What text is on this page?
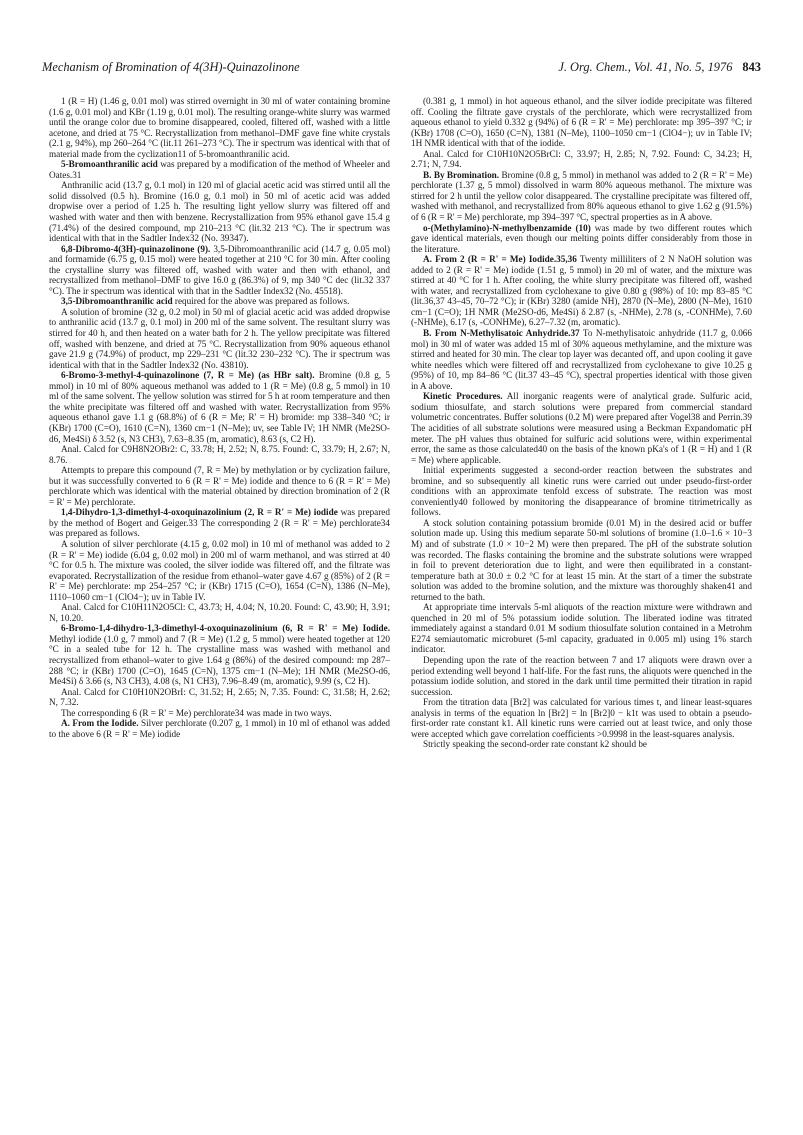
Mechanism of Bromination of 4(3H)-Quinazolinone	J. Org. Chem., Vol. 41, No. 5, 1976 843

1 (R = H) (1.46 g, 0.01 mol) was stirred overnight in 30 ml of water containing bromine (1.6 g, 0.01 mol) and KBr (1.19 g, 0.01 mol). The resulting orange-white slurry was warmed until the orange color due to bromine disappeared, cooled, filtered off, washed with a little acetone, and dried at 75 °C. Recrystallization from methanol–DMF gave fine white crystals (2.1 g, 94%), mp 260–264 °C (lit.11 261–273 °C). The ir spectrum was identical with that of material made from the cyclization11 of 5-bromoanthranilic acid.

5-Bromoanthranilic acid was prepared by a modification of the method of Wheeler and Oates.31

Anthranilic acid (13.7 g, 0.1 mol) in 120 ml of glacial acetic acid was stirred until all the solid dissolved (0.5 h). Bromine (16.0 g, 0.1 mol) in 50 ml of acetic acid was added dropwise over a period of 1.25 h. The resulting light yellow slurry was filtered off and washed with water and then with benzene. Recrystallization from 95% ethanol gave 15.4 g (71.4%) of the desired compound, mp 210–213 °C (lit.32 213 °C). The ir spectrum was identical with that in the Sadtler Index32 (No. 39347).

6,8-Dibromo-4(3H)-quinazolinone (9). 3,5-Dibromoanthranilic acid (14.7 g, 0.05 mol) and formamide (6.75 g, 0.15 mol) were heated together at 210 °C for 30 min. After cooling the crystalline slurry was filtered off, washed with water and then with ethanol, and recrystallized from methanol–DMF to give 16.0 g (86.3%) of 9, mp 340 °C dec (lit.32 337 °C). The ir spectrum was identical with that in the Sadtler Index32 (No. 45518).

3,5-Dibromoanthranilic acid required for the above was prepared as follows.

A solution of bromine (32 g, 0.2 mol) in 50 ml of glacial acetic acid was added dropwise to anthranilic acid (13.7 g, 0.1 mol) in 200 ml of the same solvent. The resultant slurry was stirred for 40 h, and then heated on a water bath for 2 h. The yellow precipitate was filtered off, washed with benzene, and dried at 75 °C. Recrystallization from 90% aqueous ethanol gave 21.9 g (74.9%) of product, mp 229–231 °C (lit.32 230–232 °C). The ir spectrum was identical with that in the Sadtler Index32 (No. 43810).

6-Bromo-3-methyl-4-quinazolinone (7, R = Me) (as HBr salt). Bromine (0.8 g, 5 mmol) in 10 ml of 80% aqueous methanol was added to 1 (R = Me) (0.8 g, 5 mmol) in 10 ml of the same solvent. The yellow solution was stirred for 5 h at room temperature and then the white precipitate was filtered off and washed with water. Recrystallization from 95% aqueous ethanol gave 1.1 g (68.8%) of 6 (R = Me; R' = H) bromide: mp 338–340 °C; ir (KBr) 1700 (C=O), 1610 (C=N), 1360 cm−1 (N–Me); uv, see Table IV; 1H NMR (Me2SO-d6, Me4Si) δ 3.52 (s, N3 CH3), 7.63–8.35 (m, aromatic), 8.63 (s, C2 H).

Anal. Calcd for C9H8N2OBr2: C, 33.78; H, 2.52; N, 8.75. Found: C, 33.79; H, 2.67; N, 8.76.

Attempts to prepare this compound (7, R = Me) by methylation or by cyclization failure, but it was successfully converted to 6 (R = R' = Me) iodide and thence to 6 (R = R' = Me) perchlorate which was identical with the material obtained by direction bromination of 2 (R = R' = Me) perchlorate.

1,4-Dihydro-1,3-dimethyl-4-oxoquinazolinium (2, R = R' = Me) iodide was prepared by the method of Bogert and Geiger.33 The corresponding 2 (R = R' = Me) perchlorate34 was prepared as follows.

A solution of silver perchlorate (4.15 g, 0.02 mol) in 10 ml of methanol was added to 2 (R = R' = Me) iodide (6.04 g, 0.02 mol) in 200 ml of warm methanol, and was stirred at 40 °C for 0.5 h. The mixture was cooled, the silver iodide was filtered off, and the filtrate was evaporated. Recrystallization of the residue from ethanol–water gave 4.67 g (85%) of 2 (R = R' = Me) perchlorate: mp 254–257 °C; ir (KBr) 1715 (C=O), 1654 (C=N), 1386 (N–Me), 1110–1060 cm−1 (ClO4−); uv in Table IV.

Anal. Calcd for C10H11N2O5Cl: C, 43.73; H, 4.04; N, 10.20. Found: C, 43.90; H, 3.91; N, 10.20.

6-Bromo-1,4-dihydro-1,3-dimethyl-4-oxoquinazolinium (6, R = R' = Me) Iodide. Methyl iodide (1.0 g, 7 mmol) and 7 (R = Me) (1.2 g, 5 mmol) were heated together at 120 °C in a sealed tube for 12 h. The crystalline mass was washed with methanol and recrystallized from ethanol–water to give 1.64 g (86%) of the desired compound: mp 287–288 °C; ir (KBr) 1700 (C=O), 1645 (C=N), 1375 cm−1 (N–Me); 1H NMR (Me2SO-d6, Me4Si) δ 3.66 (s, N3 CH3), 4.08 (s, N1 CH3), 7.96–8.49 (m, aromatic), 9.99 (s, C2 H).

Anal. Calcd for C10H10N2OBrI: C, 31.52; H, 2.65; N, 7.35. Found: C, 31.58; H, 2.62; N, 7.32.

The corresponding 6 (R = R' = Me) perchlorate34 was made in two ways.

A. From the Iodide. Silver perchlorate (0.207 g, 1 mmol) in 10 ml of ethanol was added to the above 6 (R = R' = Me) iodide

(0.381 g, 1 mmol) in hot aqueous ethanol, and the silver iodide precipitate was filtered off. Cooling the filtrate gave crystals of the perchlorate, which were recrystallized from aqueous ethanol to yield 0.332 g (94%) of 6 (R = R' = Me) perchlorate: mp 395–397 °C; ir (KBr) 1708 (C=O), 1650 (C=N), 1381 (N–Me), 1100–1050 cm−1 (ClO4−); uv in Table IV; 1H NMR identical with that of the iodide.

Anal. Calcd for C10H10N2O5BrCl: C, 33.97; H, 2.85; N, 7.92. Found: C, 34.23; H, 2.71; N, 7.94.

B. By Bromination. Bromine (0.8 g, 5 mmol) in methanol was added to 2 (R = R' = Me) perchlorate (1.37 g, 5 mmol) dissolved in warm 80% aqueous methanol. The mixture was stirred for 2 h until the yellow color disappeared. The crystalline precipitate was filtered off, washed with methanol, and recrystallized from 80% aqueous ethanol to give 1.62 g (91.5%) of 6 (R = R' = Me) perchlorate, mp 394–397 °C, spectral properties as in A above.

o-(Methylamino)-N-methylbenzamide (10) was made by two different routes which gave identical materials, even though our melting points differ considerably from those in the literature.

A. From 2 (R = R' = Me) Iodide.35,36 Twenty milliliters of 2 N NaOH solution was added to 2 (R = R' = Me) iodide (1.51 g, 5 mmol) in 20 ml of water, and the mixture was stirred at 40 °C for 1 h. After cooling, the white slurry precipitate was filtered off, washed with water, and recrystallized from cyclohexane to give 0.80 g (98%) of 10: mp 83–85 °C (lit.36,37 43–45, 70–72 °C); ir (KBr) 3280 (amide NH), 2870 (N–Me), 2800 (N–Me), 1610 cm−1 (C=O); 1H NMR (Me2SO-d6, Me4Si) δ 2.87 (s, -NHMe), 2.78 (s, -CONHMe), 7.60 (-NHMe), 6.17 (s, -CONHMe), 6.27–7.32 (m, aromatic).

B. From N-Methylisatoic Anhydride.37 To N-methylisatoic anhydride (11.7 g, 0.066 mol) in 30 ml of water was added 15 ml of 30% aqueous methylamine, and the mixture was stirred and heated for 30 min. The clear top layer was decanted off, and upon cooling it gave white needles which were filtered off and recrystallized from cyclohexane to give 10.25 g (95%) of 10, mp 84–86 °C (lit.37 43–45 °C), spectral properties identical with those given in A above.

Kinetic Procedures. All inorganic reagents were of analytical grade. Sulfuric acid, sodium thiosulfate, and starch solutions were prepared from commercial standard volumetric concentrates. Buffer solutions (0.2 M) were prepared after Vogel38 and Perrin.39 The acidities of all substrate solutions were measured using a Beckman Expandomatic pH meter. The pH values thus obtained for sulfuric acid solutions were, within experimental error, the same as those calculated40 on the basis of the known pKa's of 1 (R = H) and 1 (R = Me) where applicable.

Initial experiments suggested a second-order reaction between the substrates and bromine, and so subsequently all kinetic runs were carried out under pseudo-first-order conditions with an approximate tenfold excess of substrate. The reaction was most conveniently40 followed by monitoring the disappearance of bromine titrimetrically as follows.

A stock solution containing potassium bromide (0.01 M) in the desired acid or buffer solution made up. Using this medium separate 50-ml solutions of bromine (1.0–1.6 × 10−3 M) and of substrate (1.0 × 10−2 M) were then prepared. The pH of the substrate solution was recorded. The flasks containing the bromine and the substrate solutions were wrapped in foil to prevent deterioration due to light, and were then equilibrated in a constant-temperature bath at 30.0 ± 0.2 °C for at least 15 min. At the start of a timer the substrate solution was added to the bromine solution, and the mixture was thoroughly shaken41 and returned to the bath.

At appropriate time intervals 5-ml aliquots of the reaction mixture were withdrawn and quenched in 20 ml of 5% potassium iodide solution. The liberated iodine was titrated immediately against a standard 0.01 M sodium thiosulfate solution contained in a Metrohm E274 semiautomatic microburet (5-ml capacity, graduated in 0.005 ml) using 1% starch indicator.

Depending upon the rate of the reaction between 7 and 17 aliquots were drawn over a period extending well beyond 1 half-life. For the fast runs, the aliquots were quenched in the potassium iodide solution, and stored in the dark until time permitted their titration in rapid succession.

From the titration data [Br2] was calculated for various times t, and linear least-squares analysis in terms of the equation ln [Br2] = ln [Br2]0 − k1t was used to obtain a pseudo-first-order rate constant k1. All kinetic runs were carried out at least twice, and only those were accepted which gave correlation coefficients >0.9998 in the least-squares analysis.

Strictly speaking the second-order rate constant k2 should be
